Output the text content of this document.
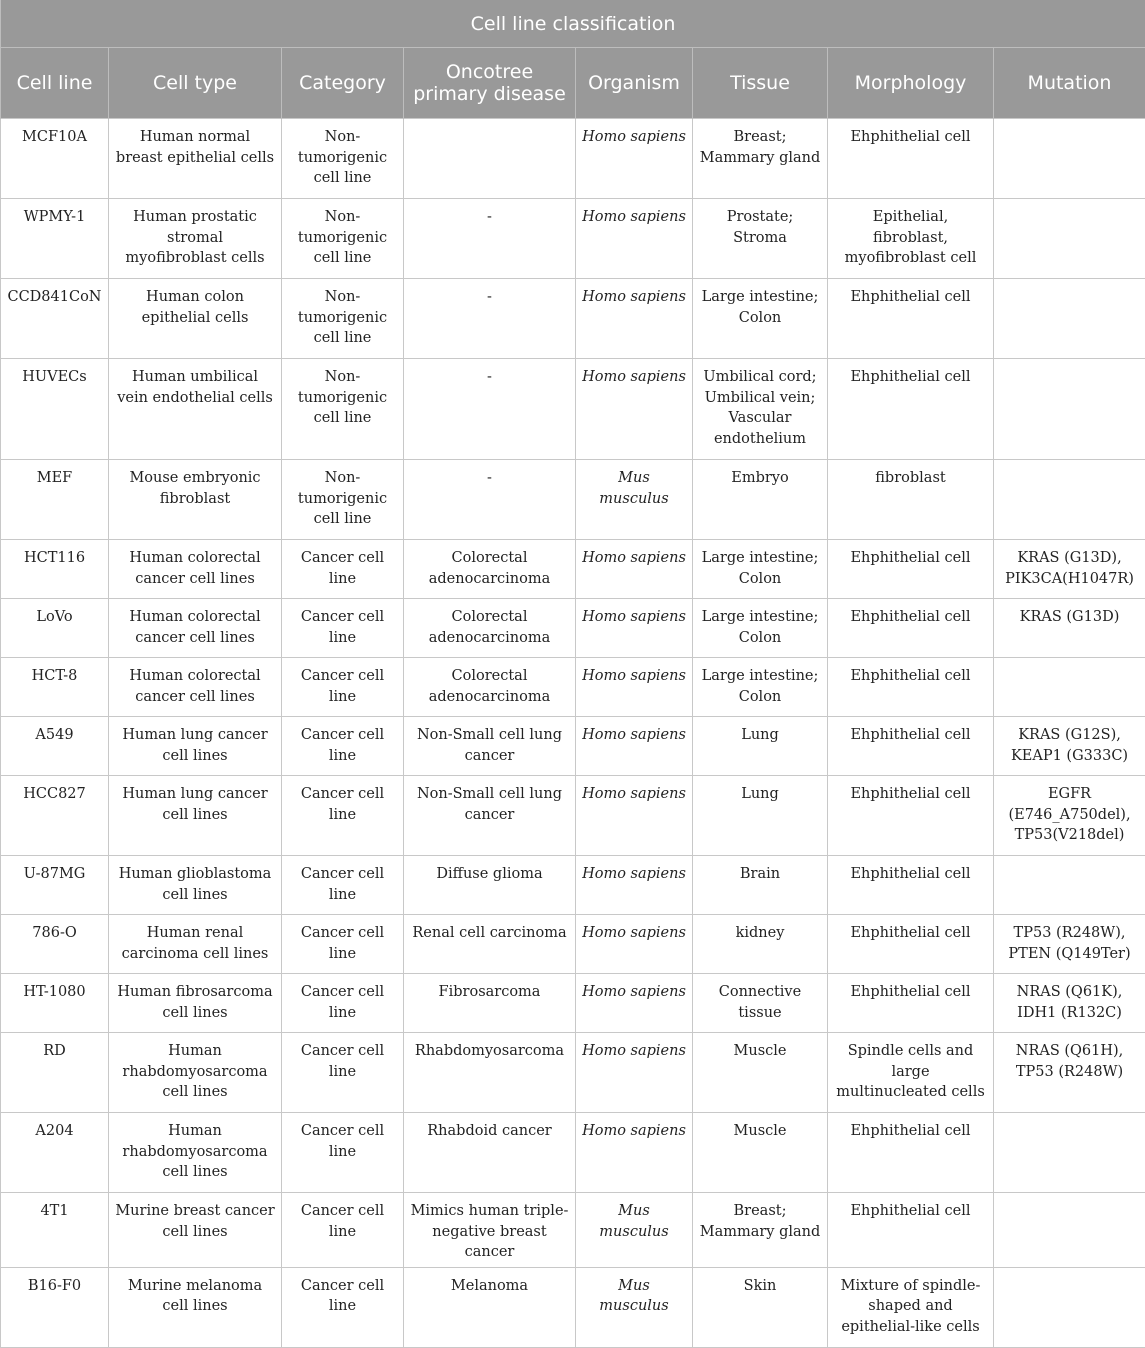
Cell line classification							
Cell line	Cell type	Category	Oncotree primary disease	Organism	Tissue	Morphology	Mutation
MCF10A	Human normal breast epithelial cells	Non-tumorigenic cell line		Homo sapiens	Breast; Mammary gland	Ehphithelial cell	
WPMY-1	Human prostatic stromal myofibroblast cells	Non-tumorigenic cell line	-	Homo sapiens	Prostate; Stroma	Epithelial, fibroblast, myofibroblast cell	
CCD841CoN	Human colon epithelial cells	Non-tumorigenic cell line	-	Homo sapiens	Large intestine; Colon	Ehphithelial cell	
HUVECs	Human umbilical vein endothelial cells	Non-tumorigenic cell line	-	Homo sapiens	Umbilical cord; Umbilical vein; Vascular endothelium	Ehphithelial cell	
MEF	Mouse embryonic fibroblast	Non-tumorigenic cell line	-	Mus musculus	Embryo	fibroblast	
HCT116	Human colorectal cancer cell lines	Cancer cell line	Colorectal adenocarcinoma	Homo sapiens	Large intestine; Colon	Ehphithelial cell	KRAS (G13D), PIK3CA(H1047R)
LoVo	Human colorectal cancer cell lines	Cancer cell line	Colorectal adenocarcinoma	Homo sapiens	Large intestine; Colon	Ehphithelial cell	KRAS (G13D)
HCT-8	Human colorectal cancer cell lines	Cancer cell line	Colorectal adenocarcinoma	Homo sapiens	Large intestine; Colon	Ehphithelial cell	
A549	Human lung cancer cell lines	Cancer cell line	Non-Small cell lung cancer	Homo sapiens	Lung	Ehphithelial cell	KRAS (G12S), KEAP1 (G333C)
HCC827	Human lung cancer cell lines	Cancer cell line	Non-Small cell lung cancer	Homo sapiens	Lung	Ehphithelial cell	EGFR (E746_A750del), TP53(V218del)
U-87MG	Human glioblastoma cell lines	Cancer cell line	Diffuse glioma	Homo sapiens	Brain	Ehphithelial cell	
786-O	Human renal carcinoma cell lines	Cancer cell line	Renal cell carcinoma	Homo sapiens	kidney	Ehphithelial cell	TP53 (R248W), PTEN (Q149Ter)
HT-1080	Human fibrosarcoma cell lines	Cancer cell line	Fibrosarcoma	Homo sapiens	Connective tissue	Ehphithelial cell	NRAS (Q61K), IDH1 (R132C)
RD	Human rhabdomyosarcoma cell lines	Cancer cell line	Rhabdomyosarcoma	Homo sapiens	Muscle	Spindle cells and large multinucleated cells	NRAS (Q61H), TP53 (R248W)
A204	Human rhabdomyosarcoma cell lines	Cancer cell line	Rhabdoid cancer	Homo sapiens	Muscle	Ehphithelial cell	
4T1	Murine breast cancer cell lines	Cancer cell line	Mimics human triple-negative breast cancer	Mus musculus	Breast; Mammary gland	Ehphithelial cell	
B16-F0	Murine melanoma cell lines	Cancer cell line	Melanoma	Mus musculus	Skin	Mixture of spindle-shaped and epithelial-like cells	
